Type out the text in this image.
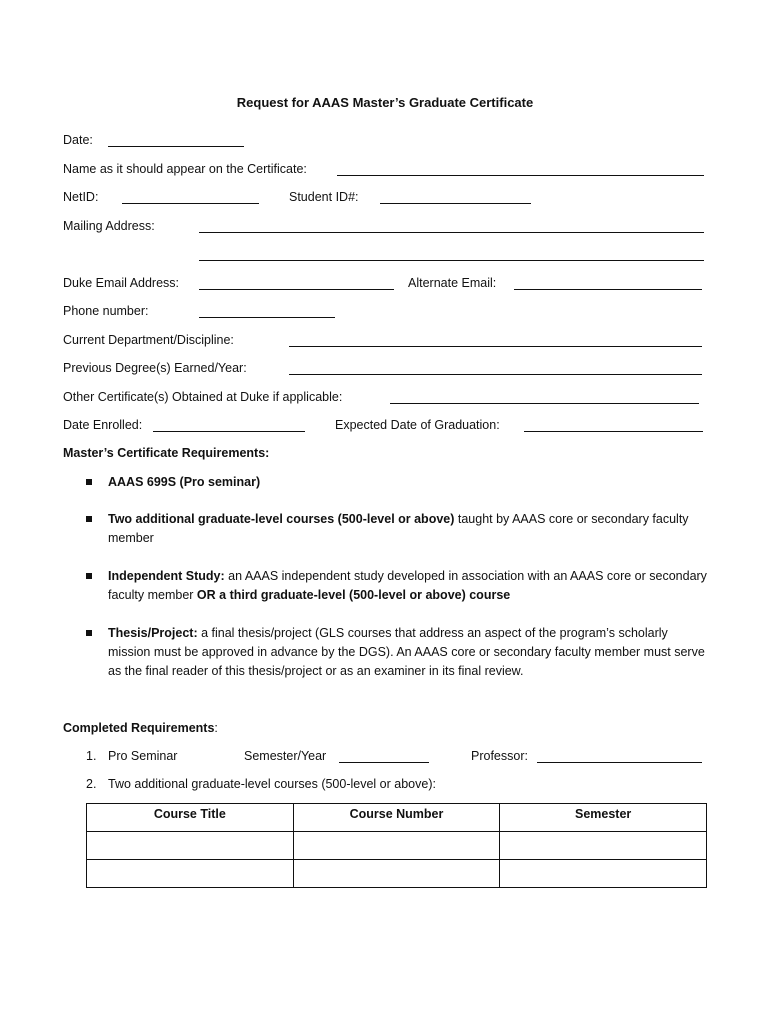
Request for AAAS Master’s Graduate Certificate
Date:
Name as it should appear on the Certificate:
NetID:	Student ID#:
Mailing Address:
Duke Email Address:	Alternate Email:
Phone number:
Current Department/Discipline:
Previous Degree(s) Earned/Year:
Other Certificate(s) Obtained at Duke if applicable:
Date Enrolled:	Expected Date of Graduation:
Master’s Certificate Requirements:
AAAS 699S (Pro seminar)
Two additional graduate-level courses (500-level or above) taught by AAAS core or secondary faculty member
Independent Study: an AAAS independent study developed in association with an AAAS core or secondary faculty member OR a third graduate-level (500-level or above) course
Thesis/Project: a final thesis/project (GLS courses that address an aspect of the program’s scholarly mission must be approved in advance by the DGS). An AAAS core or secondary faculty member must serve as the final reader of this thesis/project or as an examiner in its final review.
Completed Requirements:
1. Pro Seminar	Semester/Year	Professor:
2. Two additional graduate-level courses (500-level or above):
Course Title	Course Number	Semester
